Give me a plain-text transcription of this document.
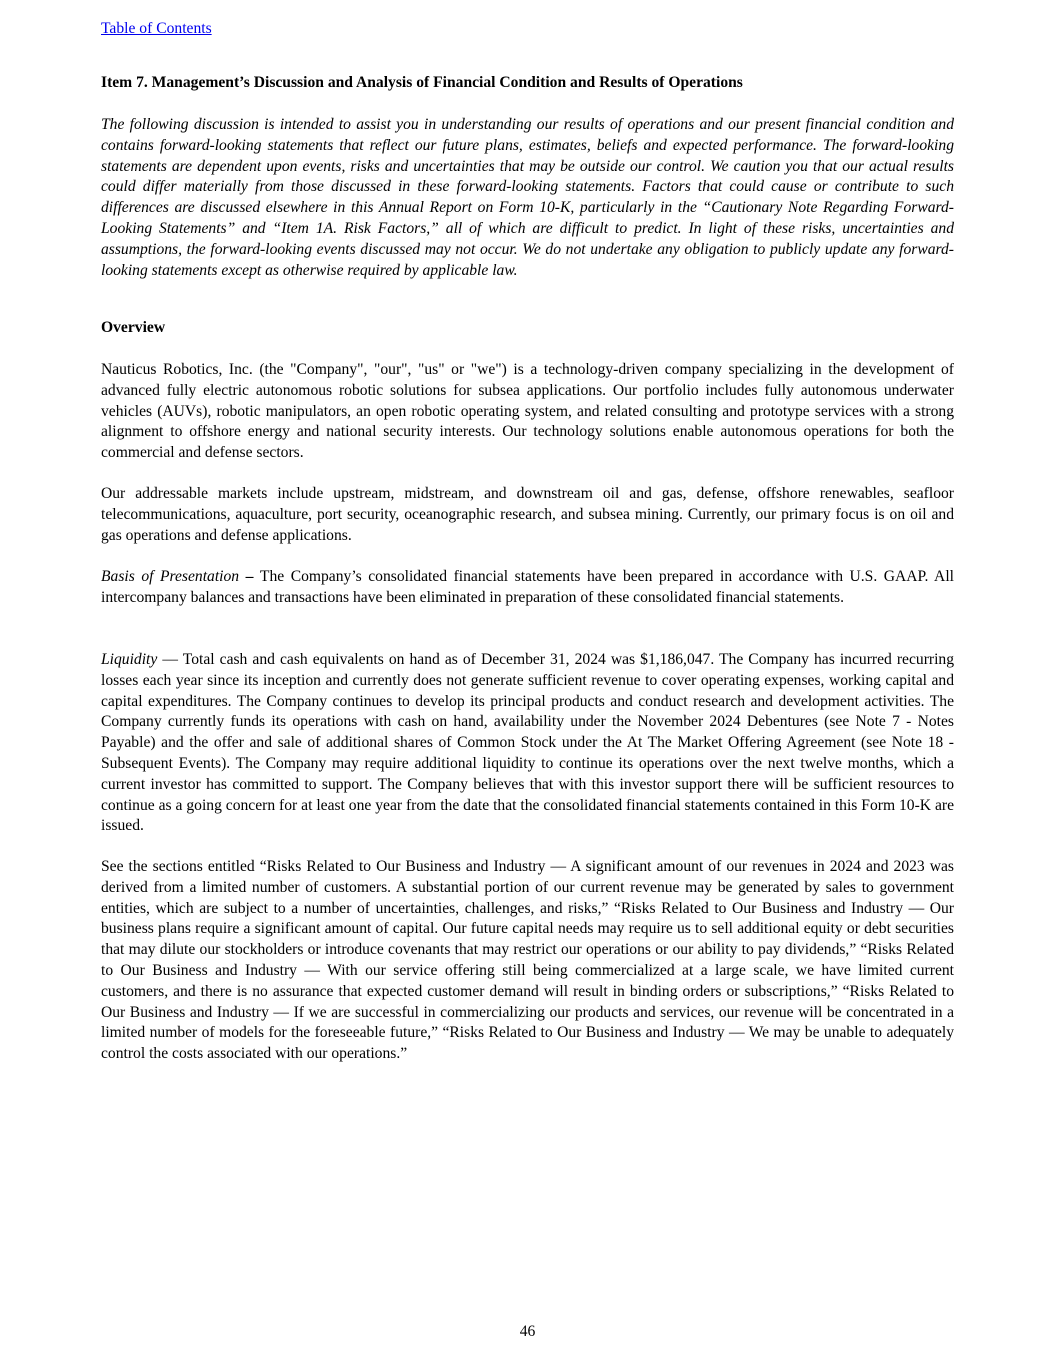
Table of Contents
Item 7. Management’s Discussion and Analysis of Financial Condition and Results of Operations

The following discussion is intended to assist you in understanding our results of operations and our present financial condition and contains forward-looking statements that reflect our future plans, estimates, beliefs and expected performance. The forward-looking statements are dependent upon events, risks and uncertainties that may be outside our control. We caution you that our actual results could differ materially from those discussed in these forward-looking statements. Factors that could cause or contribute to such differences are discussed elsewhere in this Annual Report on Form 10-K, particularly in the “Cautionary Note Regarding Forward-Looking Statements” and “Item 1A. Risk Factors,” all of which are difficult to predict. In light of these risks, uncertainties and assumptions, the forward-looking events discussed may not occur. We do not undertake any obligation to publicly update any forward-looking statements except as otherwise required by applicable law.

Overview

Nauticus Robotics, Inc. (the "Company", "our", "us" or "we") is a technology-driven company specializing in the development of advanced fully electric autonomous robotic solutions for subsea applications. Our portfolio includes fully autonomous underwater vehicles (AUVs), robotic manipulators, an open robotic operating system, and related consulting and prototype services with a strong alignment to offshore energy and national security interests. Our technology solutions enable autonomous operations for both the commercial and defense sectors.

Our addressable markets include upstream, midstream, and downstream oil and gas, defense, offshore renewables, seafloor telecommunications, aquaculture, port security, oceanographic research, and subsea mining. Currently, our primary focus is on oil and gas operations and defense applications.

Basis of Presentation – The Company’s consolidated financial statements have been prepared in accordance with U.S. GAAP. All intercompany balances and transactions have been eliminated in preparation of these consolidated financial statements.

Liquidity — Total cash and cash equivalents on hand as of December 31, 2024 was $1,186,047. The Company has incurred recurring losses each year since its inception and currently does not generate sufficient revenue to cover operating expenses, working capital and capital expenditures. The Company continues to develop its principal products and conduct research and development activities. The Company currently funds its operations with cash on hand, availability under the November 2024 Debentures (see Note 7 - Notes Payable) and the offer and sale of additional shares of Common Stock under the At The Market Offering Agreement (see Note 18 - Subsequent Events). The Company may require additional liquidity to continue its operations over the next twelve months, which a current investor has committed to support. The Company believes that with this investor support there will be sufficient resources to continue as a going concern for at least one year from the date that the consolidated financial statements contained in this Form 10-K are issued.

See the sections entitled “Risks Related to Our Business and Industry — A significant amount of our revenues in 2024 and 2023 was derived from a limited number of customers. A substantial portion of our current revenue may be generated by sales to government entities, which are subject to a number of uncertainties, challenges, and risks,” “Risks Related to Our Business and Industry — Our business plans require a significant amount of capital. Our future capital needs may require us to sell additional equity or debt securities that may dilute our stockholders or introduce covenants that may restrict our operations or our ability to pay dividends,” “Risks Related to Our Business and Industry — With our service offering still being commercialized at a large scale, we have limited current customers, and there is no assurance that expected customer demand will result in binding orders or subscriptions,” “Risks Related to Our Business and Industry — If we are successful in commercializing our products and services, our revenue will be concentrated in a limited number of models for the foreseeable future,” “Risks Related to Our Business and Industry — We may be unable to adequately control the costs associated with our operations.”

46
